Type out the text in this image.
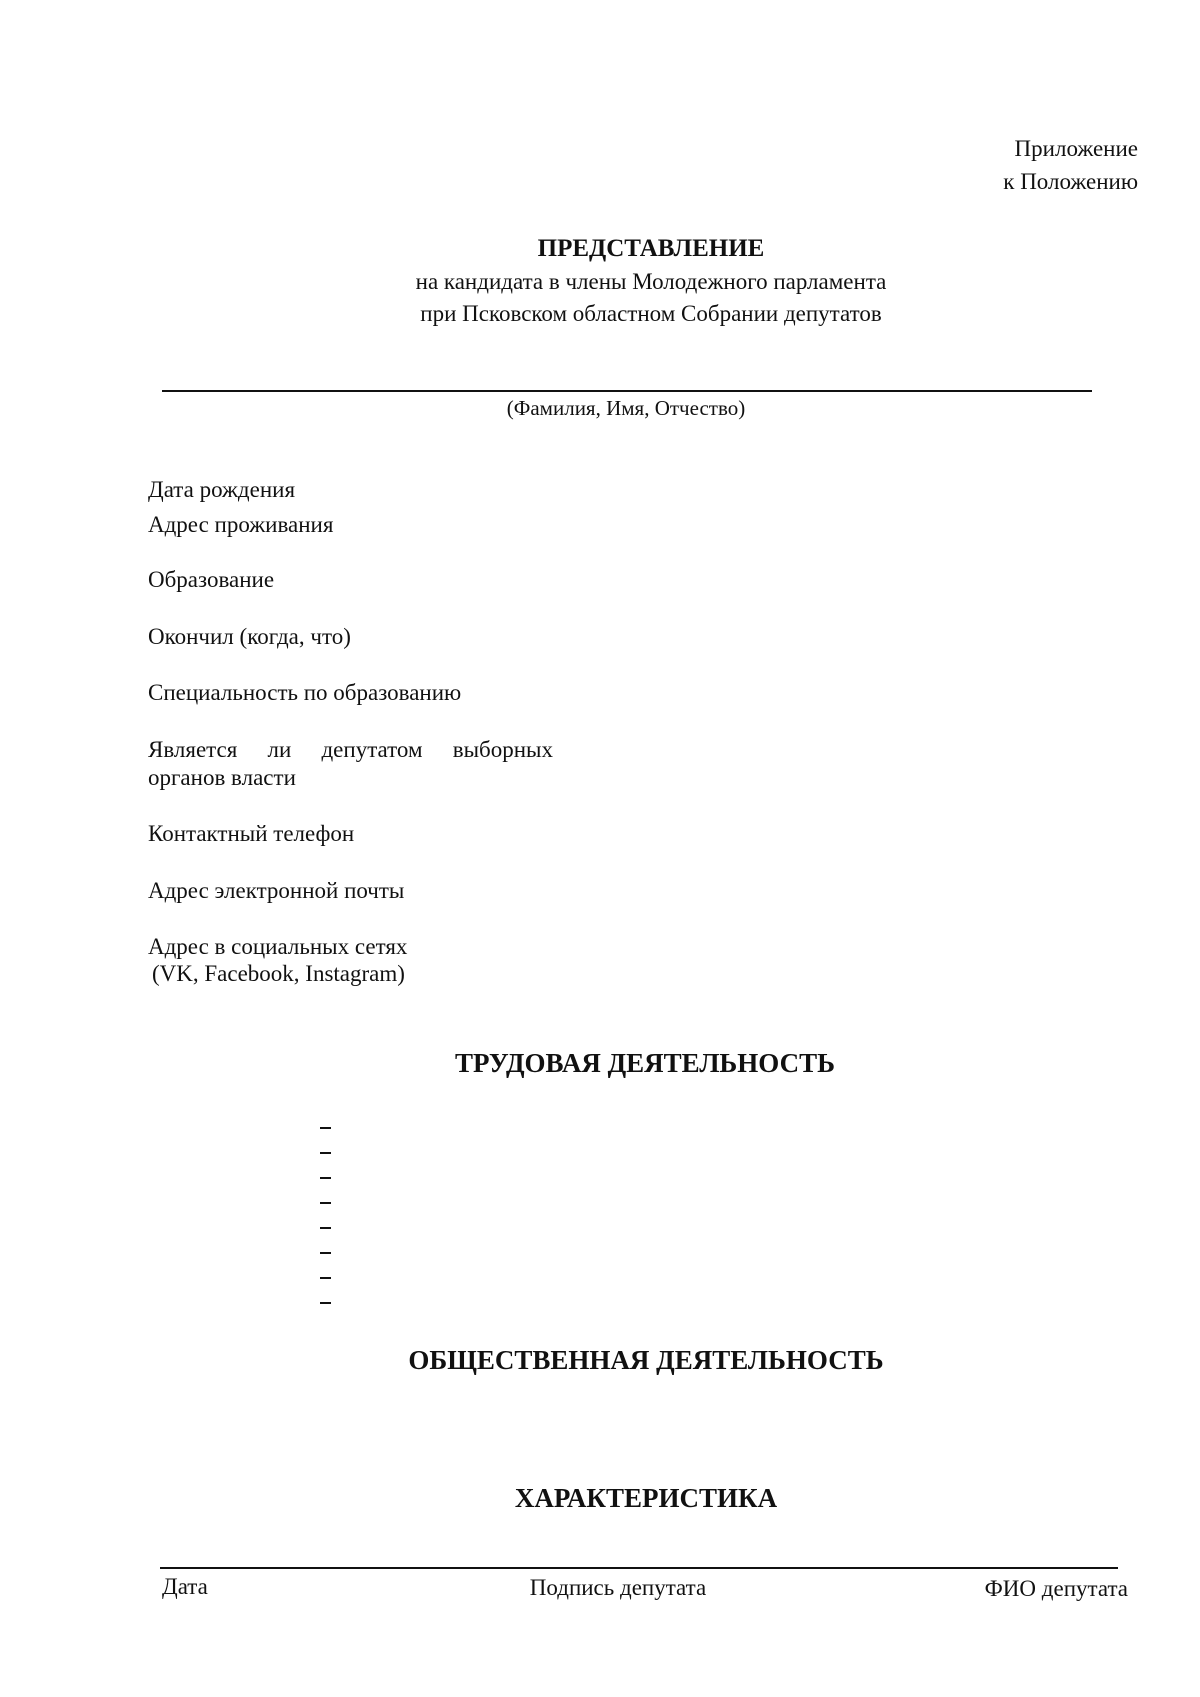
Приложение
к Положению
ПРЕДСТАВЛЕНИЕ
на кандидата в члены Молодежного парламента
при Псковском областном Собрании депутатов
(Фамилия, Имя, Отчество)
Дата рождения
Адрес проживания
Образование
Окончил (когда, что)
Специальность по образованию
Является ли депутатом выборных
органов власти
Контактный телефон
Адрес электронной почты
Адрес в социальных сетях
(VK, Facebook, Instagram)
ТРУДОВАЯ ДЕЯТЕЛЬНОСТЬ
ОБЩЕСТВЕННАЯ ДЕЯТЕЛЬНОСТЬ
ХАРАКТЕРИСТИКА
Дата	Подпись депутата	ФИО депутата
